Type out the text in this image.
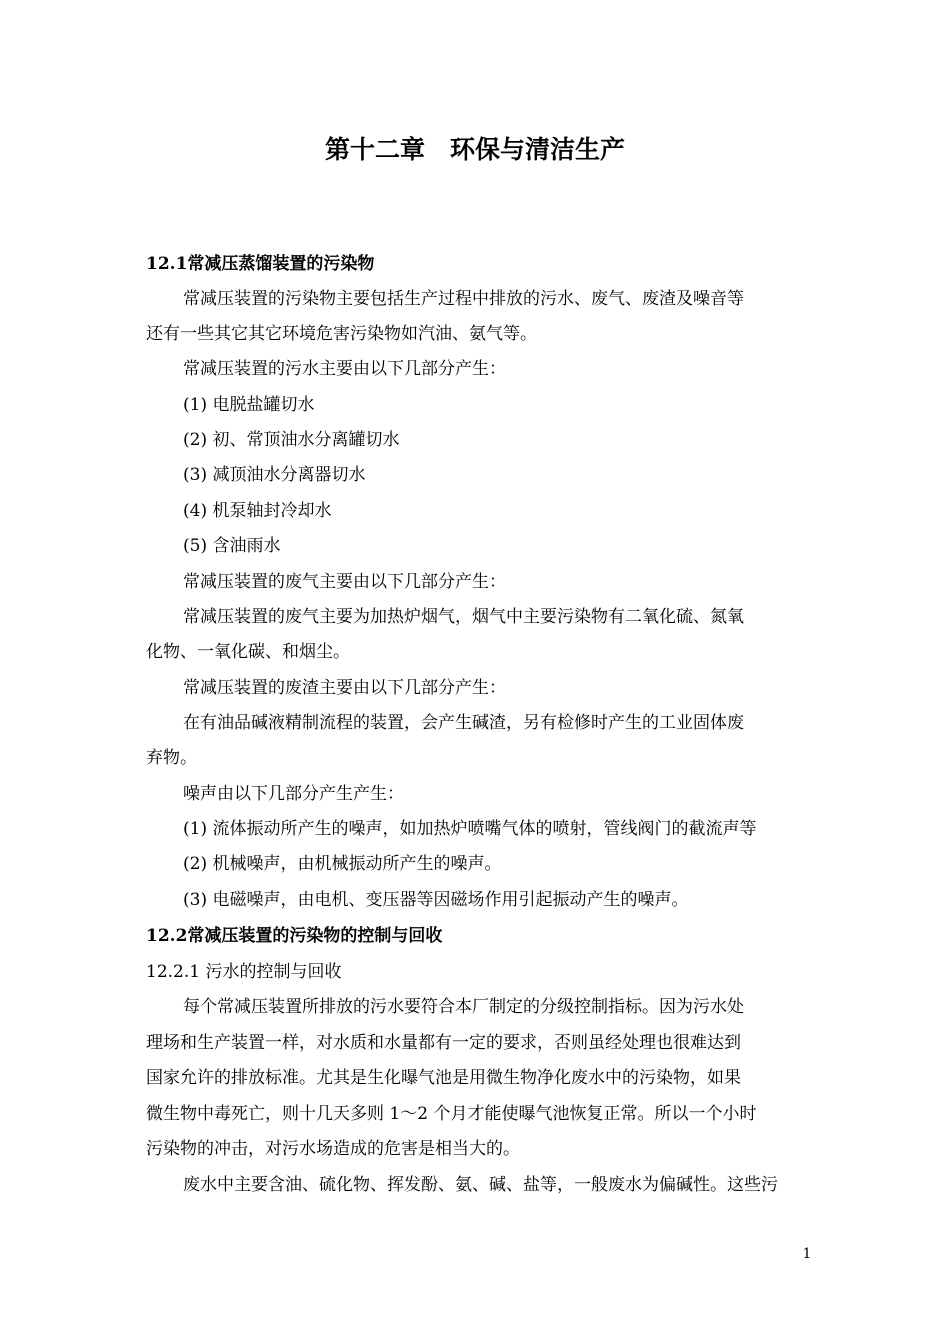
第十二章　环保与清洁生产
12.1常减压蒸馏装置的污染物
常减压装置的污染物主要包括生产过程中排放的污水、废气、废渣及噪音等
还有一些其它其它环境危害污染物如汽油、氨气等。
常减压装置的污水主要由以下几部分产生：
(1) 电脱盐罐切水
(2) 初、常顶油水分离罐切水
(3) 减顶油水分离器切水
(4) 机泵轴封冷却水
(5) 含油雨水
常减压装置的废气主要由以下几部分产生：
常减压装置的废气主要为加热炉烟气，烟气中主要污染物有二氧化硫、氮氧
化物、一氧化碳、和烟尘。
常减压装置的废渣主要由以下几部分产生：
在有油品碱液精制流程的装置，会产生碱渣，另有检修时产生的工业固体废
弃物。
噪声由以下几部分产生产生：
(1) 流体振动所产生的噪声，如加热炉喷嘴气体的喷射，管线阀门的截流声等
(2) 机械噪声，由机械振动所产生的噪声。
(3) 电磁噪声，由电机、变压器等因磁场作用引起振动产生的噪声。
12.2常减压装置的污染物的控制与回收
12.2.1 污水的控制与回收
每个常减压装置所排放的污水要符合本厂制定的分级控制指标。因为污水处
理场和生产装置一样，对水质和水量都有一定的要求，否则虽经处理也很难达到
国家允许的排放标准。尤其是生化曝气池是用微生物净化废水中的污染物，如果
微生物中毒死亡，则十几天多则 1～2 个月才能使曝气池恢复正常。所以一个小时
污染物的冲击，对污水场造成的危害是相当大的。
废水中主要含油、硫化物、挥发酚、氨、碱、盐等，一般废水为偏碱性。这些污
1
